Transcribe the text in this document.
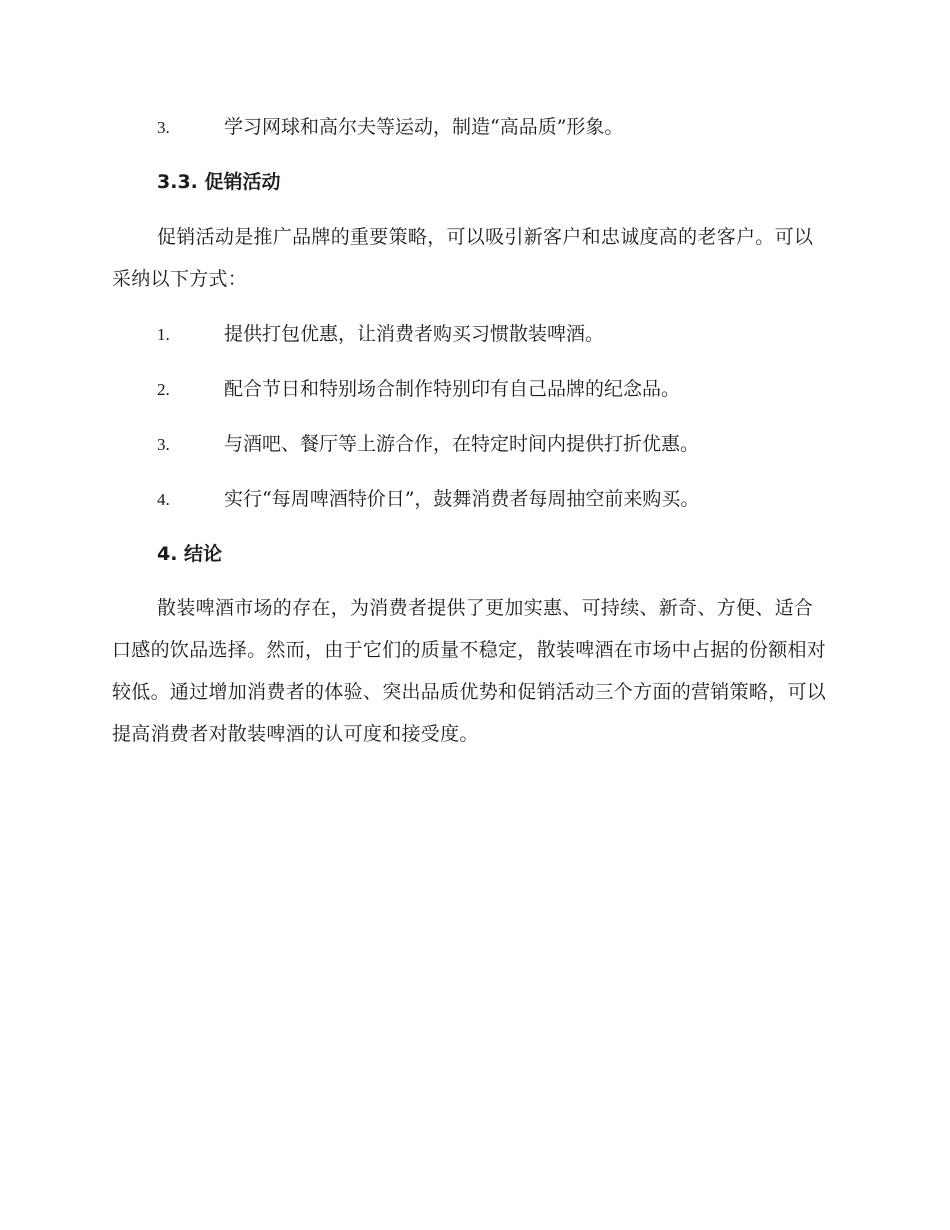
3.	学习网球和高尔夫等运动，制造“高品质”形象。
3.3. 促销活动
促销活动是推广品牌的重要策略，可以吸引新客户和忠诚度高的老客户。可以采纳以下方式：
1.	提供打包优惠，让消费者购买习惯散装啤酒。
2.	配合节日和特别场合制作特别印有自己品牌的纪念品。
3.	与酒吧、餐厅等上游合作，在特定时间内提供打折优惠。
4.	实行“每周啤酒特价日”，鼓舞消费者每周抽空前来购买。
4. 结论
散装啤酒市场的存在，为消费者提供了更加实惠、可持续、新奇、方便、适合口感的饮品选择。然而，由于它们的质量不稳定，散装啤酒在市场中占据的份额相对较低。通过增加消费者的体验、突出品质优势和促销活动三个方面的营销策略，可以提高消费者对散装啤酒的认可度和接受度。
